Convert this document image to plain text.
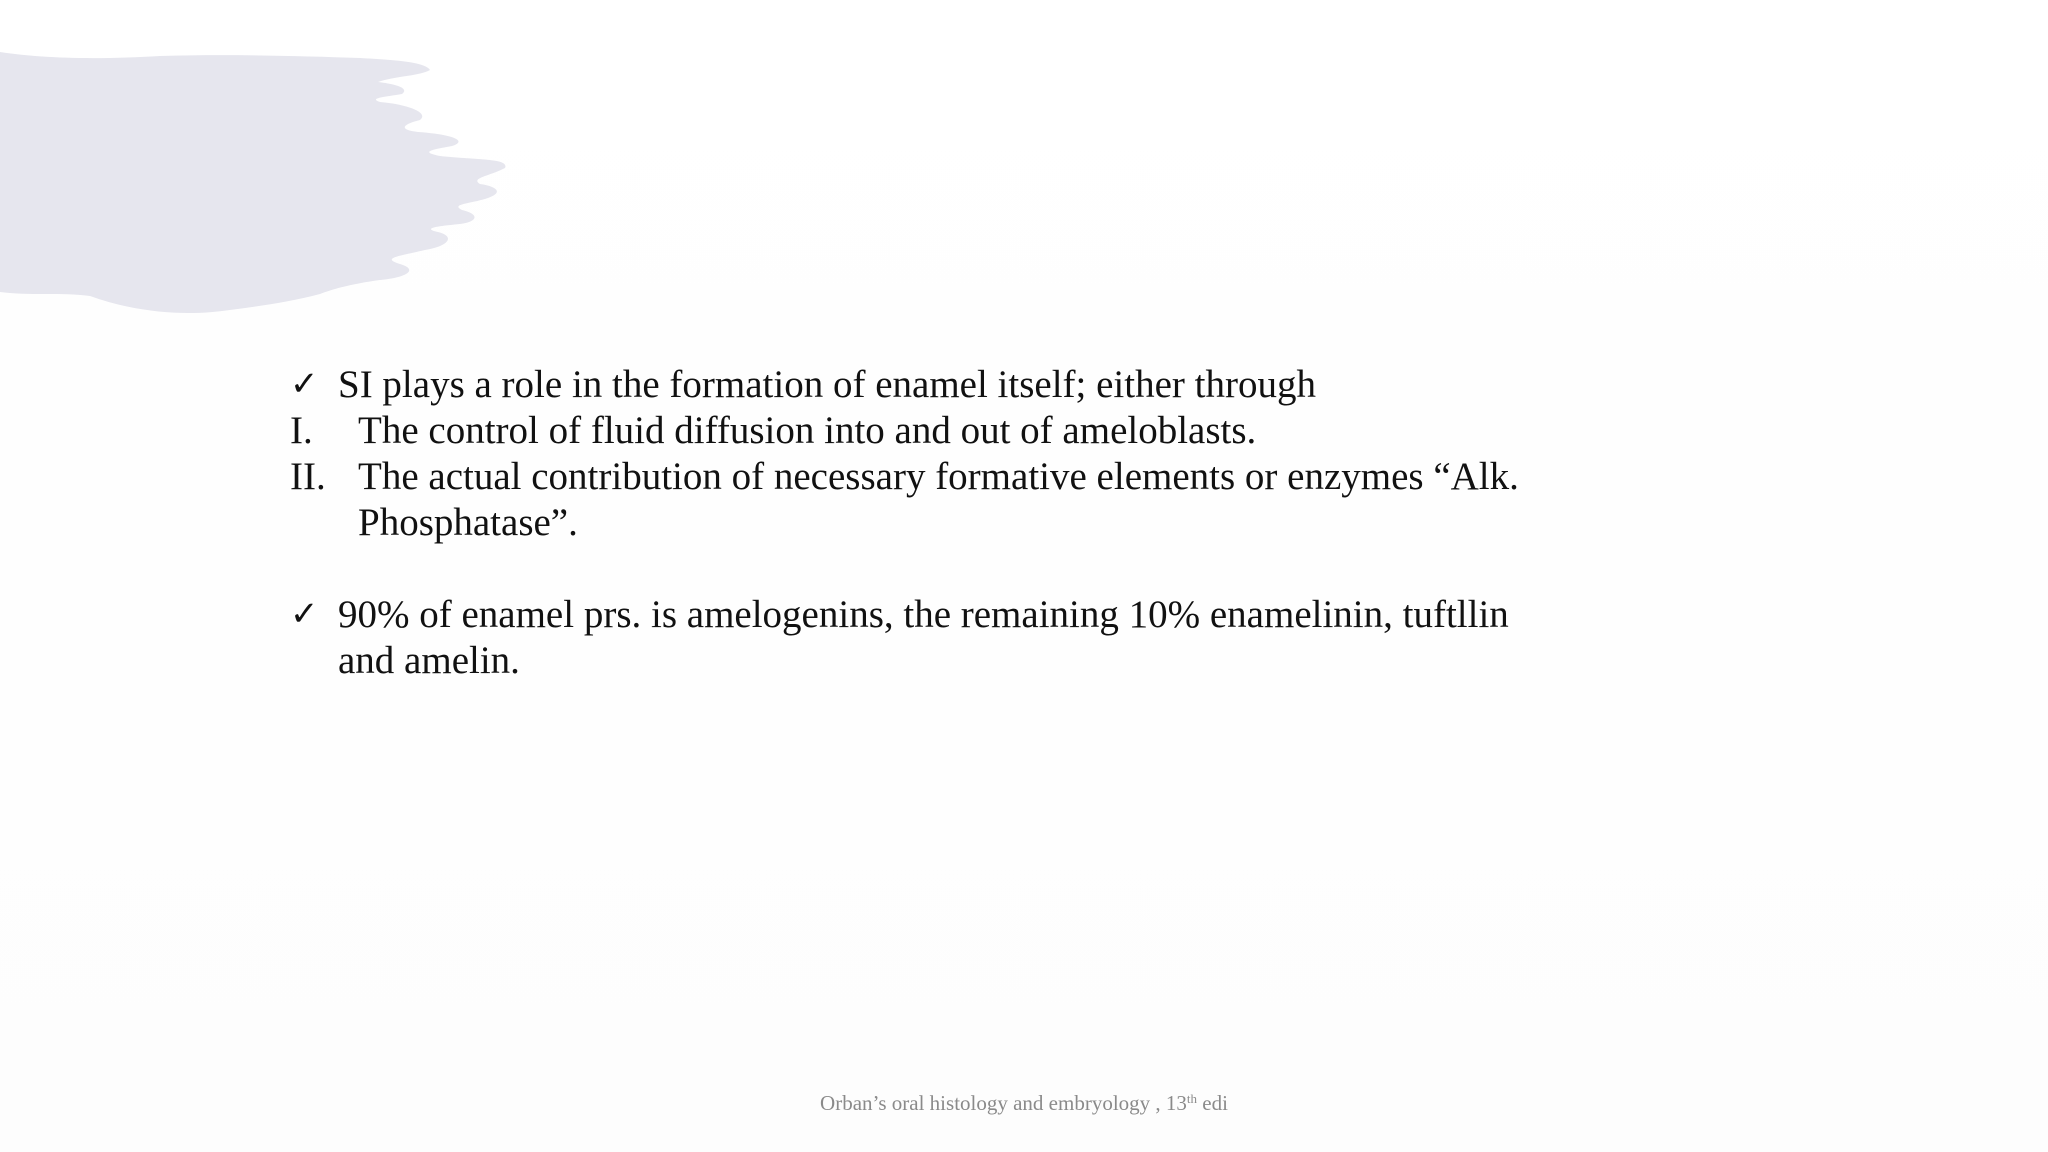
✓ SI plays a role in the formation of enamel itself; either through
I.	The control of fluid diffusion into and out of ameloblasts.
II. The actual contribution of necessary formative elements or enzymes “Alk. Phosphatase”.
✓ 90% of enamel prs. is amelogenins, the remaining 10% enamelinin, tuftllin and amelin.
Orban’s oral histology and embryology , 13th edi
